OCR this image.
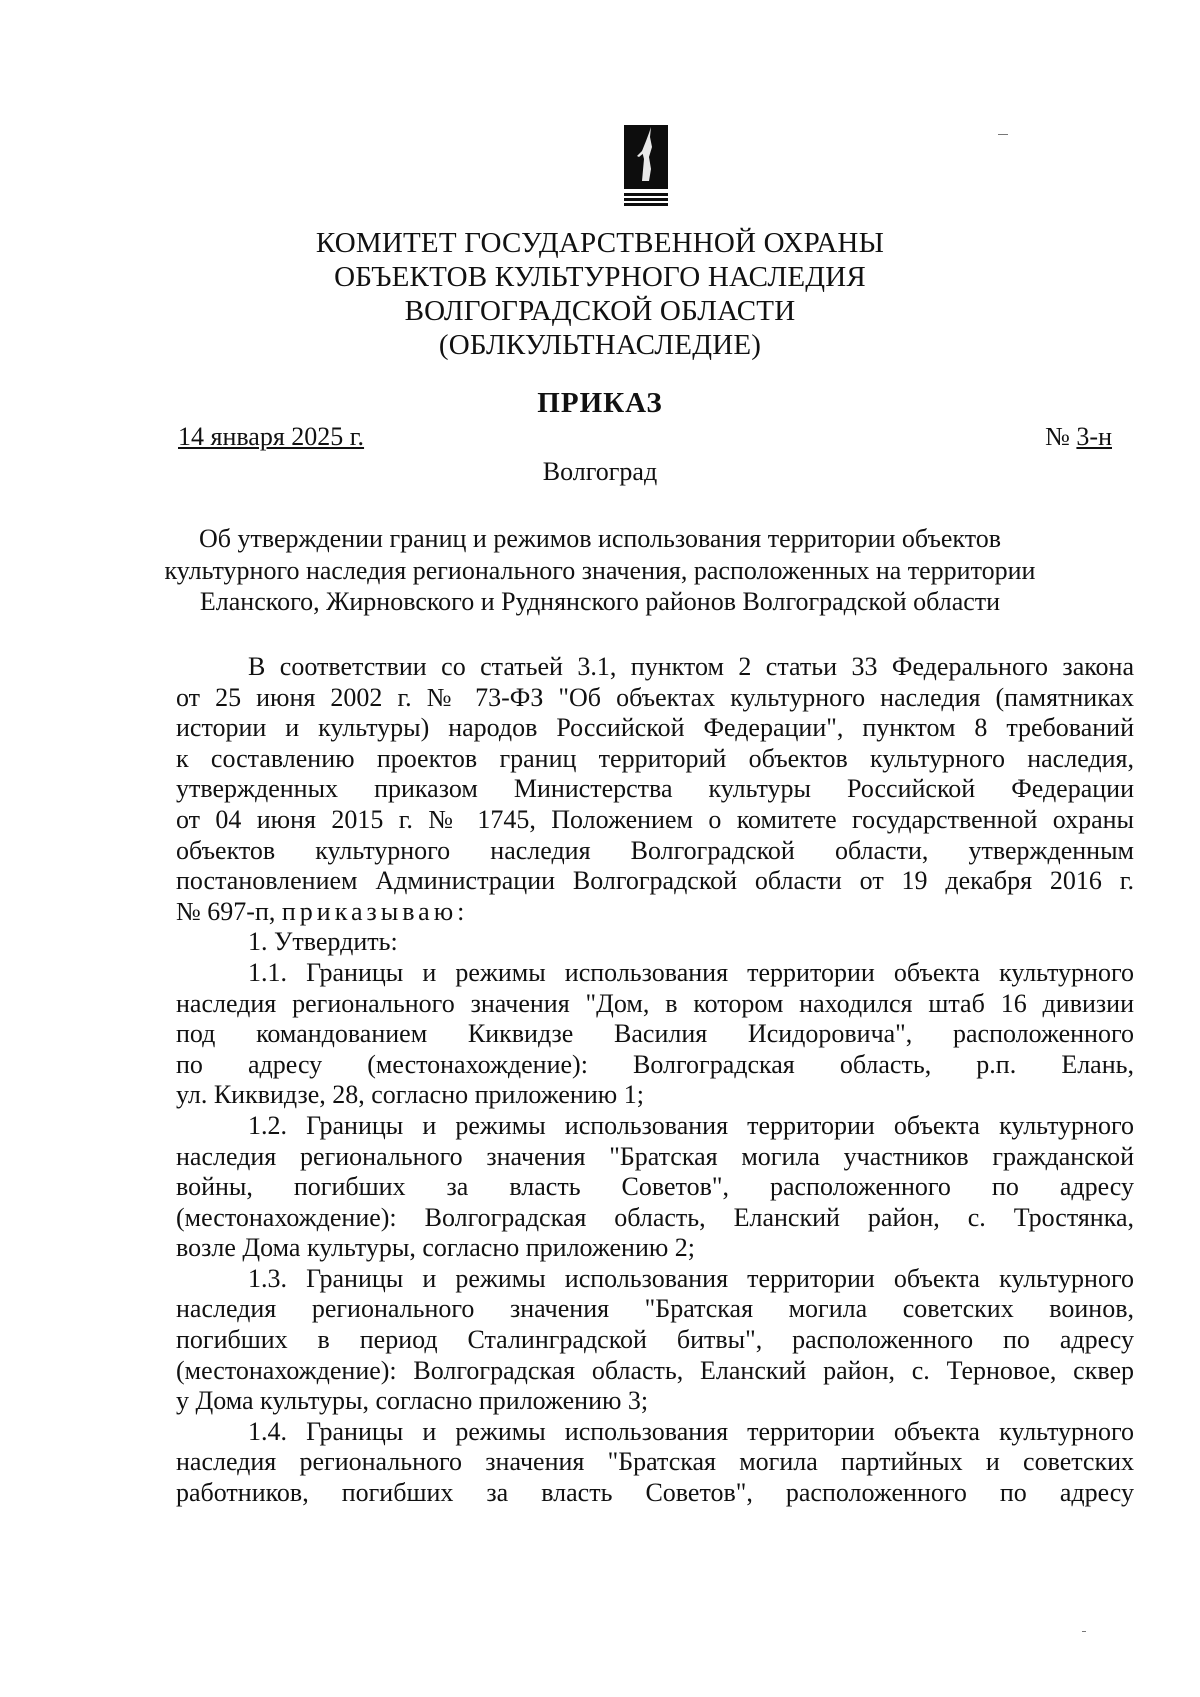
КОМИТЕТ ГОСУДАРСТВЕННОЙ ОХРАНЫ
ОБЪЕКТОВ КУЛЬТУРНОГО НАСЛЕДИЯ
ВОЛГОГРАДСКОЙ ОБЛАСТИ
(ОБЛКУЛЬТНАСЛЕДИЕ)
ПРИКАЗ
14 января 2025 г.	№ 3-н
Волгоград
Об утверждении границ и режимов использования территории объектов
культурного наследия регионального значения, расположенных на территории
Еланского, Жирновского и Руднянского районов Волгоградской области
В соответствии со статьей 3.1, пунктом 2 статьи 33 Федерального закона
от 25 июня 2002 г. № 73-ФЗ "Об объектах культурного наследия (памятниках
истории и культуры) народов Российской Федерации", пунктом 8 требований
к составлению проектов границ территорий объектов культурного наследия,
утвержденных приказом Министерства культуры Российской Федерации
от 04 июня 2015 г. № 1745, Положением о комитете государственной охраны
объектов культурного наследия Волгоградской области, утвержденным
постановлением Администрации Волгоградской области от 19 декабря 2016 г.
№ 697-п, приказываю:
1. Утвердить:
1.1. Границы и режимы использования территории объекта культурного
наследия регионального значения "Дом, в котором находился штаб 16 дивизии
под командованием Киквидзе Василия Исидоровича", расположенного
по адресу (местонахождение): Волгоградская область, р.п. Елань,
ул. Киквидзе, 28, согласно приложению 1;
1.2. Границы и режимы использования территории объекта культурного
наследия регионального значения "Братская могила участников гражданской
войны, погибших за власть Советов", расположенного по адресу
(местонахождение): Волгоградская область, Еланский район, с. Тростянка,
возле Дома культуры, согласно приложению 2;
1.3. Границы и режимы использования территории объекта культурного
наследия регионального значения "Братская могила советских воинов,
погибших в период Сталинградской битвы", расположенного по адресу
(местонахождение): Волгоградская область, Еланский район, с. Терновое, сквер
у Дома культуры, согласно приложению 3;
1.4. Границы и режимы использования территории объекта культурного
наследия регионального значения "Братская могила партийных и советских
работников, погибших за власть Советов", расположенного по адресу
